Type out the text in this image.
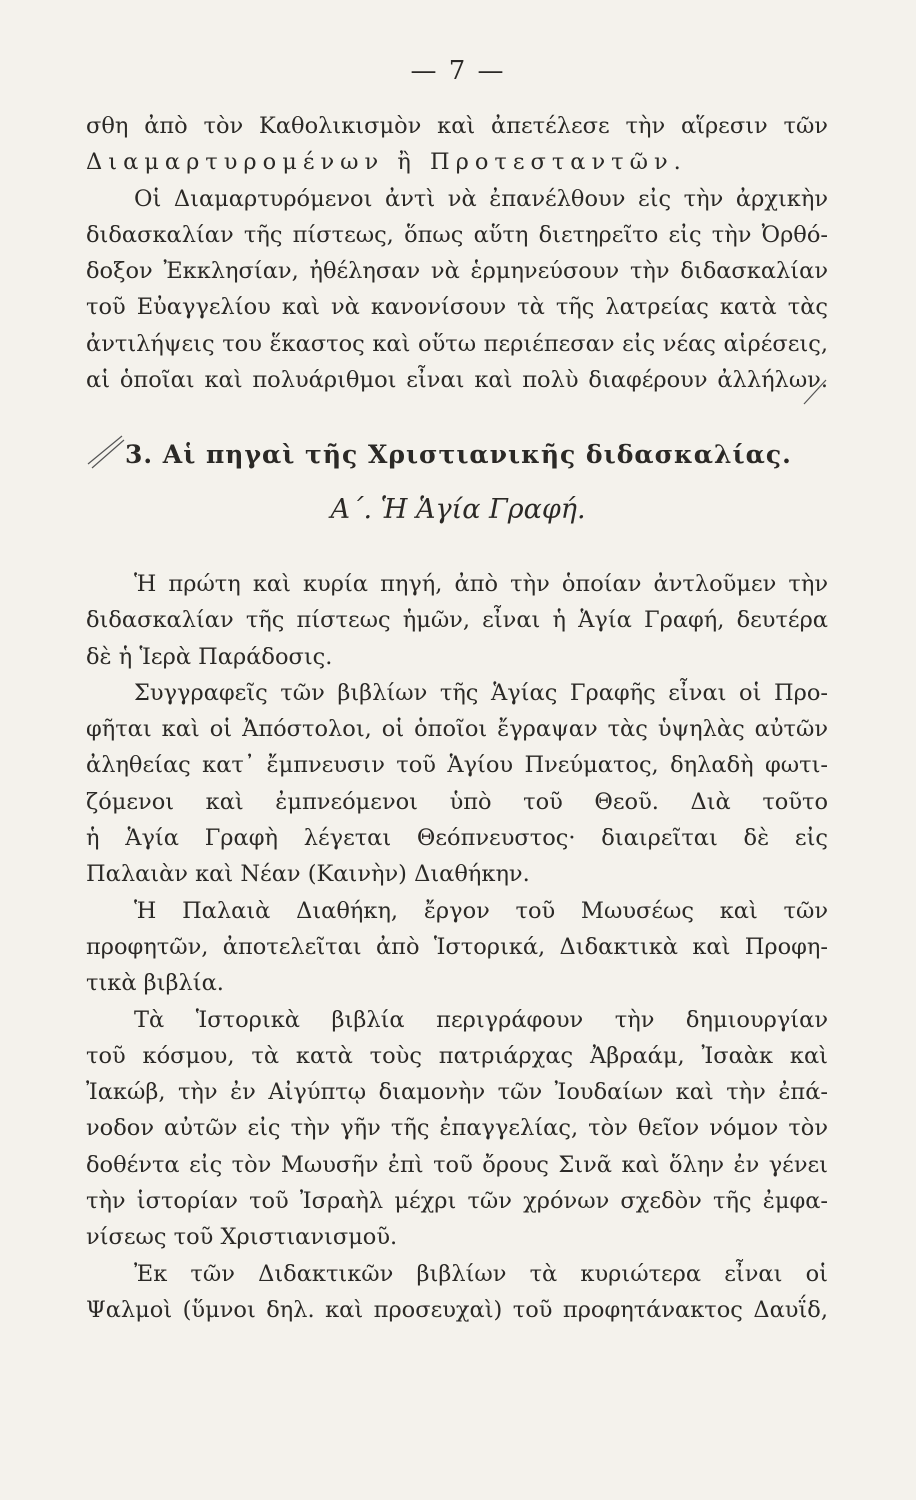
— 7 —
σθη ἀπὸ τὸν Καθολικισμὸν καὶ ἀπετέλεσε τὴν αἵρεσιν τῶν
Διαμαρτυρομένων ἢ Προτεσταντῶν.
Οἱ Διαμαρτυρόμενοι ἀντὶ νὰ ἐπανέλθουν εἰς τὴν ἀρχικὴν
διδασκαλίαν τῆς πίστεως, ὅπως αὕτη διετηρεῖτο εἰς τὴν Ὀρθό-
δοξον Ἐκκλησίαν, ἠθέλησαν νὰ ἑρμηνεύσουν τὴν διδασκαλίαν
τοῦ Εὐαγγελίου καὶ νὰ κανονίσουν τὰ τῆς λατρείας κατὰ τὰς
ἀντιλήψεις του ἕκαστος καὶ οὕτω περιέπεσαν εἰς νέας αἱρέσεις,
αἱ ὁποῖαι καὶ πολυάριθμοι εἶναι καὶ πολὺ διαφέρουν ἀλλήλων.
3. Αἱ πηγαὶ τῆς Χριστιανικῆς διδασκαλίας.
Α΄. Ἡ Ἁγία Γραφή.
Ἡ πρώτη καὶ κυρία πηγή, ἀπὸ τὴν ὁποίαν ἀντλοῦμεν τὴν
διδασκαλίαν τῆς πίστεως ἡμῶν, εἶναι ἡ Ἁγία Γραφή, δευτέρα
δὲ ἡ Ἱερὰ Παράδοσις.
Συγγραφεῖς τῶν βιβλίων τῆς Ἁγίας Γραφῆς εἶναι οἱ Προ-
φῆται καὶ οἱ Ἀπόστολοι, οἱ ὁποῖοι ἔγραψαν τὰς ὑψηλὰς αὐτῶν
ἀληθείας κατ᾿ ἔμπνευσιν τοῦ Ἁγίου Πνεύματος, δηλαδὴ φωτι-
ζόμενοι καὶ ἐμπνεόμενοι ὑπὸ τοῦ Θεοῦ. Διὰ τοῦτο
ἡ Ἁγία Γραφὴ λέγεται Θεόπνευστος· διαιρεῖται δὲ εἰς
Παλαιὰν καὶ Νέαν (Καινὴν) Διαθήκην.
Ἡ Παλαιὰ Διαθήκη, ἔργον τοῦ Μωυσέως καὶ τῶν
προφητῶν, ἀποτελεῖται ἀπὸ Ἱστορικά, Διδακτικὰ καὶ Προφη-
τικὰ βιβλία.
Τὰ Ἱστορικὰ βιβλία περιγράφουν τὴν δημιουργίαν
τοῦ κόσμου, τὰ κατὰ τοὺς πατριάρχας Ἀβραάμ, Ἰσαὰκ καὶ
Ἰακώβ, τὴν ἐν Αἰγύπτῳ διαμονὴν τῶν Ἰουδαίων καὶ τὴν ἐπά-
νοδον αὐτῶν εἰς τὴν γῆν τῆς ἐπαγγελίας, τὸν θεῖον νόμον τὸν
δοθέντα εἰς τὸν Μωυσῆν ἐπὶ τοῦ ὄρους Σινᾶ καὶ ὅλην ἐν γένει
τὴν ἱστορίαν τοῦ Ἰσραὴλ μέχρι τῶν χρόνων σχεδὸν τῆς ἐμφα-
νίσεως τοῦ Χριστιανισμοῦ.
Ἐκ τῶν Διδακτικῶν βιβλίων τὰ κυριώτερα εἶναι οἱ
Ψαλμοὶ (ὕμνοι δηλ. καὶ προσευχαὶ) τοῦ προφητάνακτος Δαυΐδ,
